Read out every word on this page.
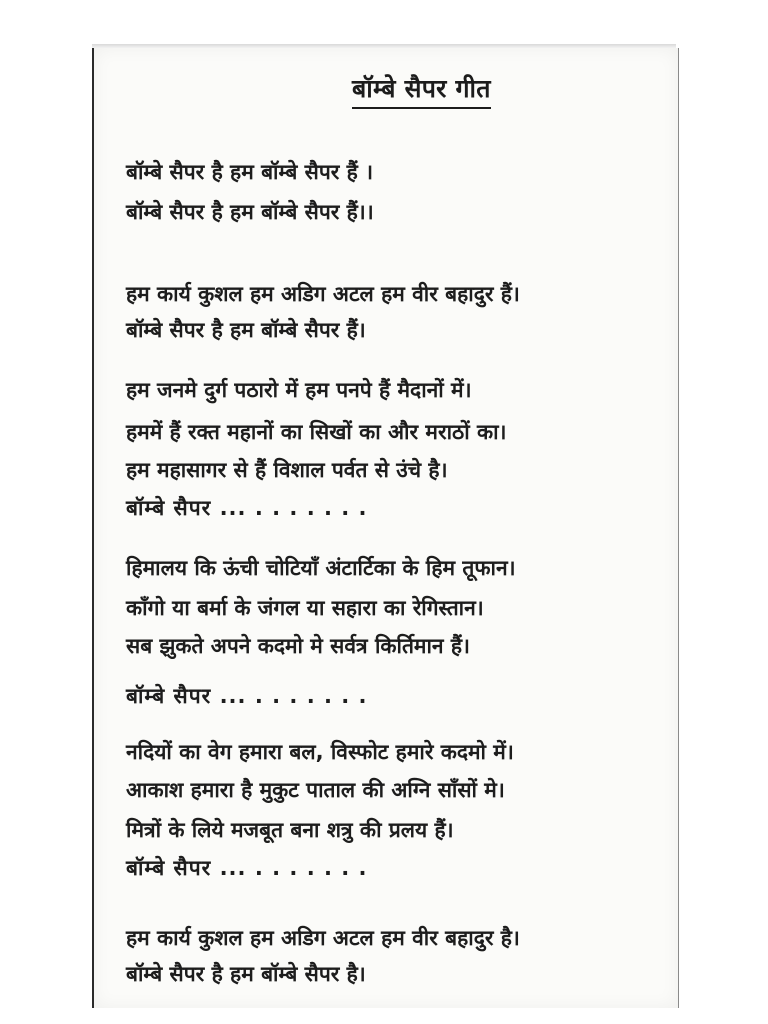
बॉम्बे सैपर गीत

बॉम्बे सैपर है हम बॉम्बे सैपर हैं ।

बॉम्बे सैपर है हम बॉम्बे सैपर हैं।।

हम कार्य कुशल हम अडिग अटल हम वीर बहादुर हैं।

बॉम्बे सैपर है हम बॉम्बे सैपर हैं।

हम जनमे दुर्ग पठारो में हम पनपे हैं मैदानों में।

हममें हैं रक्त महानों का सिखों का और मराठों का।

हम महासागर से हैं विशाल पर्वत से उंचे है।

बॉम्बे सैपर ... . . . . . . .

हिमालय कि ऊंची चोटियाँ अंटार्टिका के हिम तूफान।

काँगो या बर्मा के जंगल या सहारा का रेगिस्तान।

सब झुकते अपने कदमो मे सर्वत्र किर्तिमान हैं।

बॉम्बे सैपर ... . . . . . . .

नदियों का वेग हमारा बल, विस्फोट हमारे कदमो में।

आकाश हमारा है मुकुट पाताल की अग्नि साँसों मे।

मित्रों के लिये मजबूत बना शत्रु की प्रलय हैं।

बॉम्बे सैपर ... . . . . . . .

हम कार्य कुशल हम अडिग अटल हम वीर बहादुर है।

बॉम्बे सैपर है हम बॉम्बे सैपर है।
